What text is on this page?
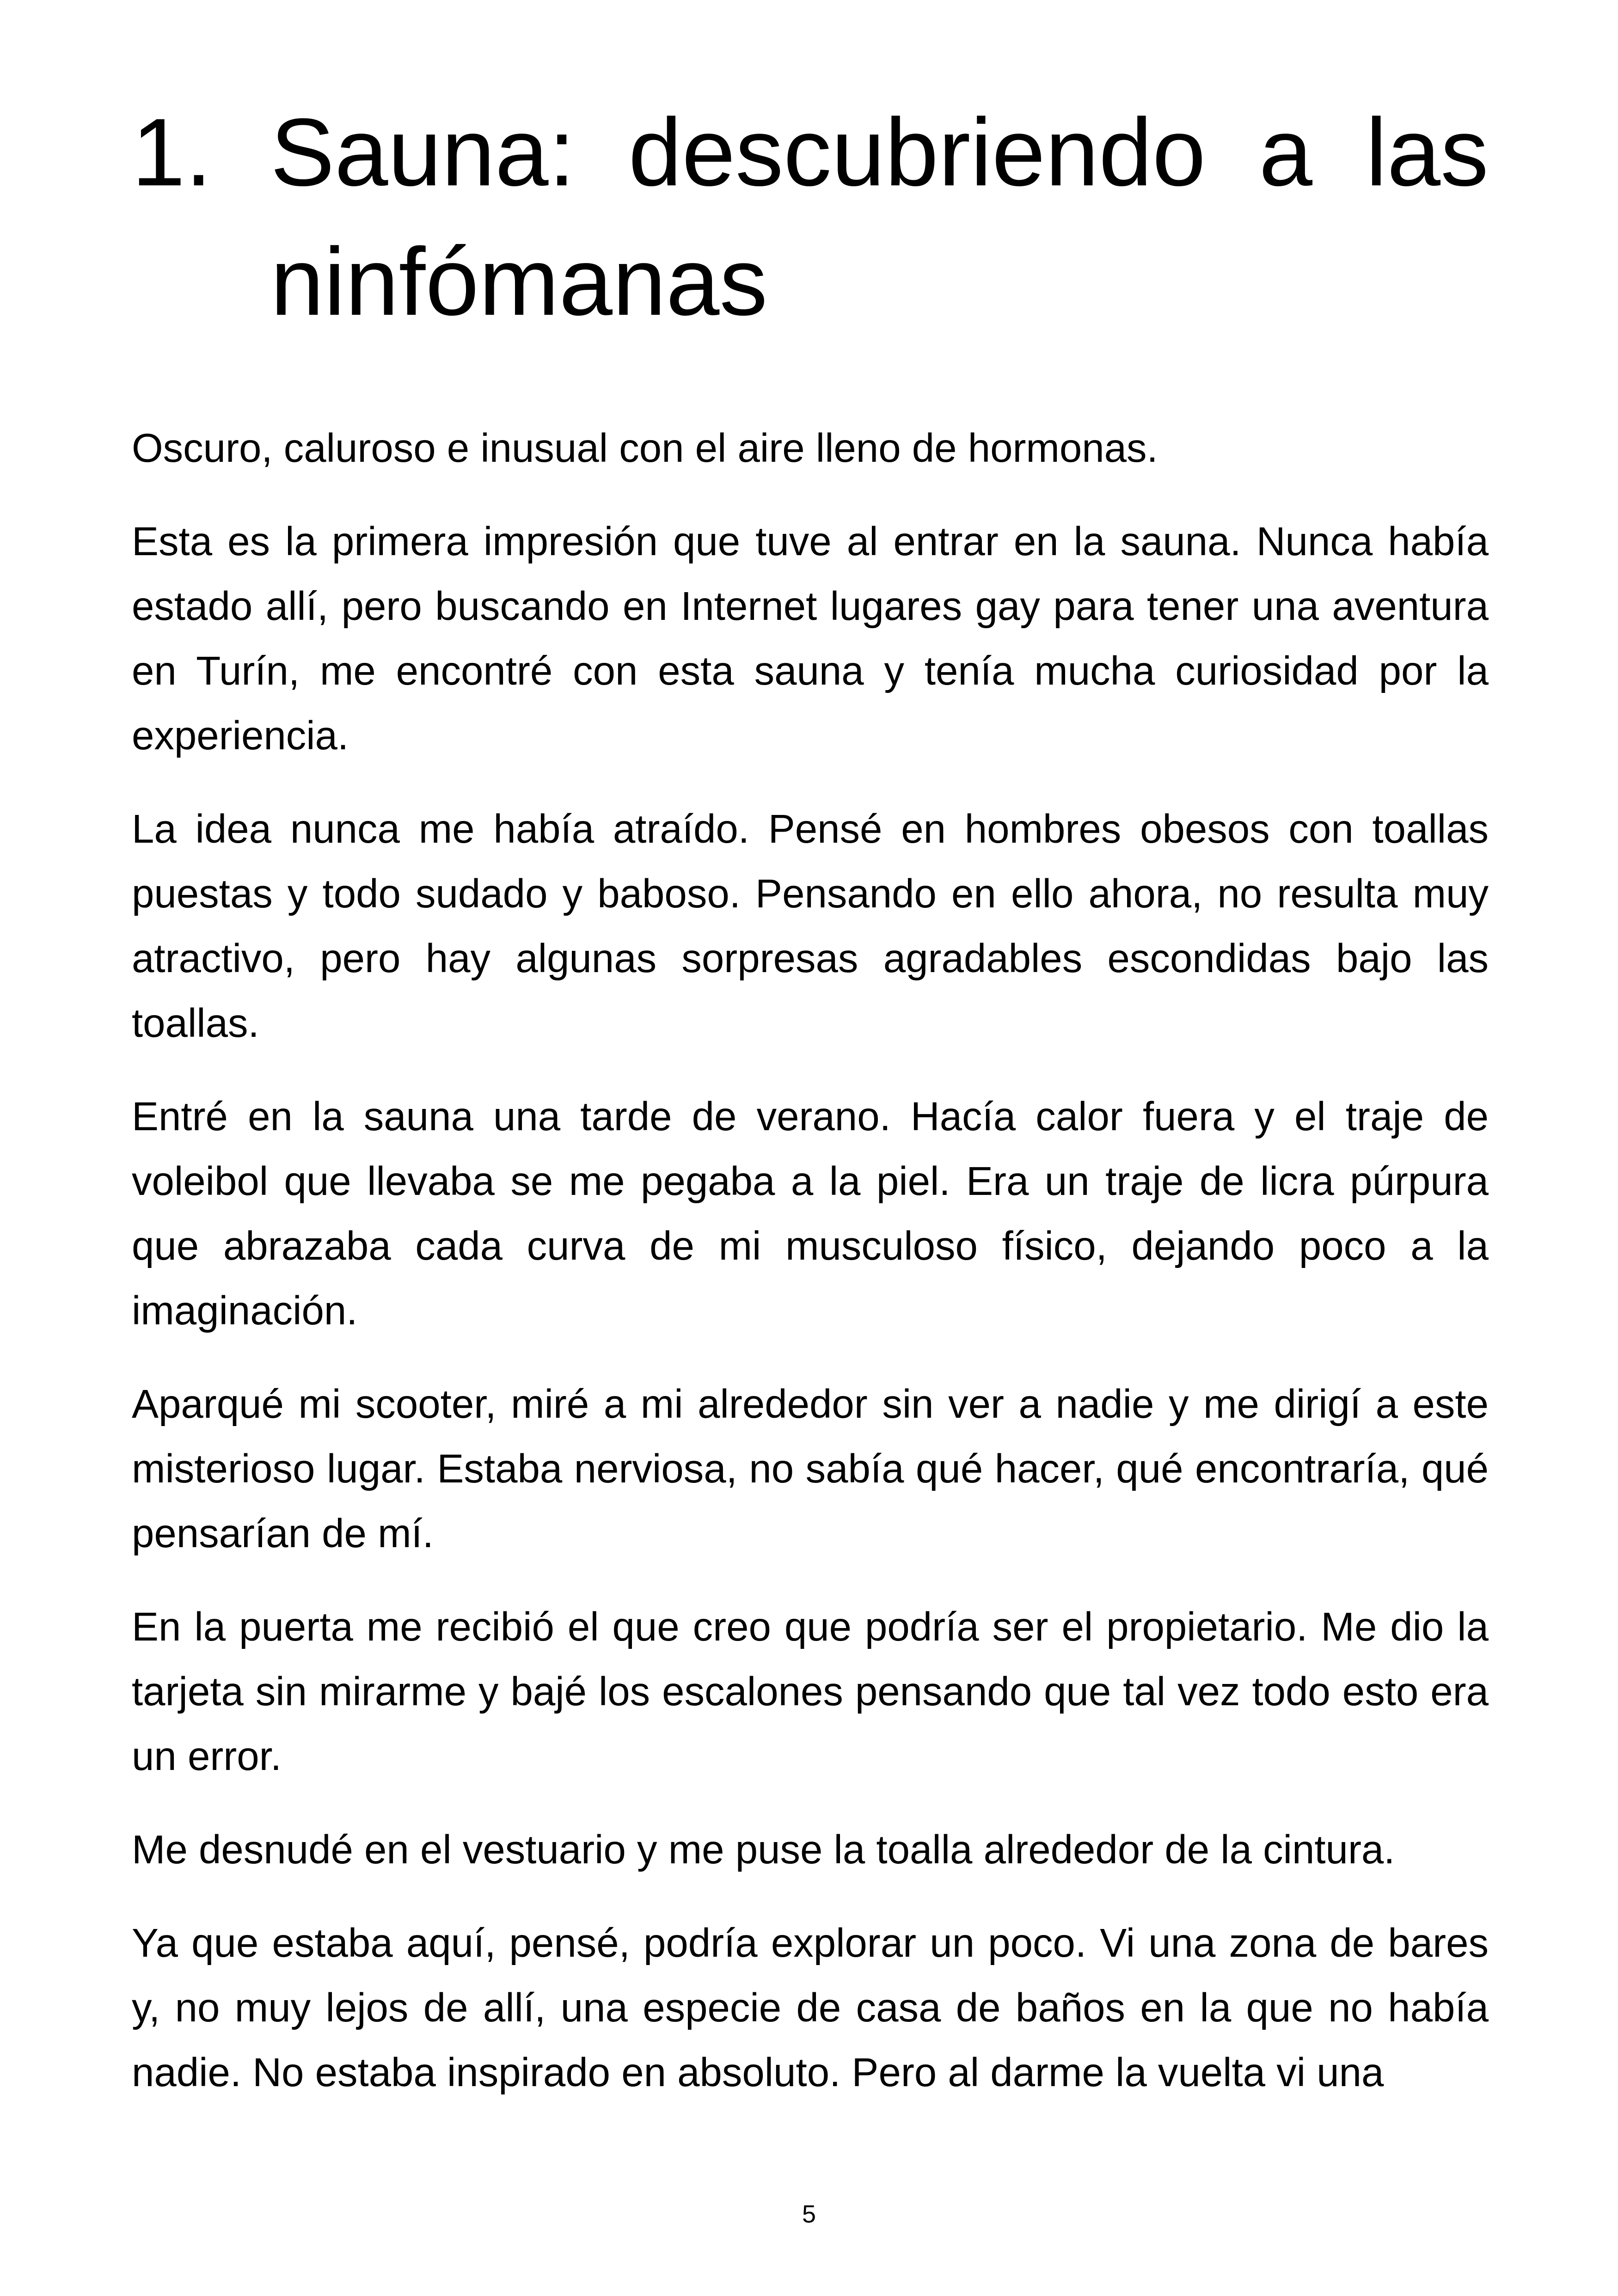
1. Sauna: descubriendo a las
ninfómanas

Oscuro, caluroso e inusual con el aire lleno de hormonas.

Esta es la primera impresión que tuve al entrar en la sauna. Nunca había estado allí, pero buscando en Internet lugares gay para tener una aventura en Turín, me encontré con esta sauna y tenía mucha curiosidad por la experiencia.

La idea nunca me había atraído. Pensé en hombres obesos con toallas puestas y todo sudado y baboso. Pensando en ello ahora, no resulta muy atractivo, pero hay algunas sorpresas agradables escondidas bajo las toallas.

Entré en la sauna una tarde de verano. Hacía calor fuera y el traje de voleibol que llevaba se me pegaba a la piel. Era un traje de licra púrpura que abrazaba cada curva de mi musculoso físico, dejando poco a la imaginación.

Aparqué mi scooter, miré a mi alrededor sin ver a nadie y me dirigí a este misterioso lugar. Estaba nerviosa, no sabía qué hacer, qué encontraría, qué pensarían de mí.

En la puerta me recibió el que creo que podría ser el propietario. Me dio la tarjeta sin mirarme y bajé los escalones pensando que tal vez todo esto era un error.

Me desnudé en el vestuario y me puse la toalla alrededor de la cintura.

Ya que estaba aquí, pensé, podría explorar un poco. Vi una zona de bares y, no muy lejos de allí, una especie de casa de baños en la que no había nadie. No estaba inspirado en absoluto. Pero al darme la vuelta vi una

5
